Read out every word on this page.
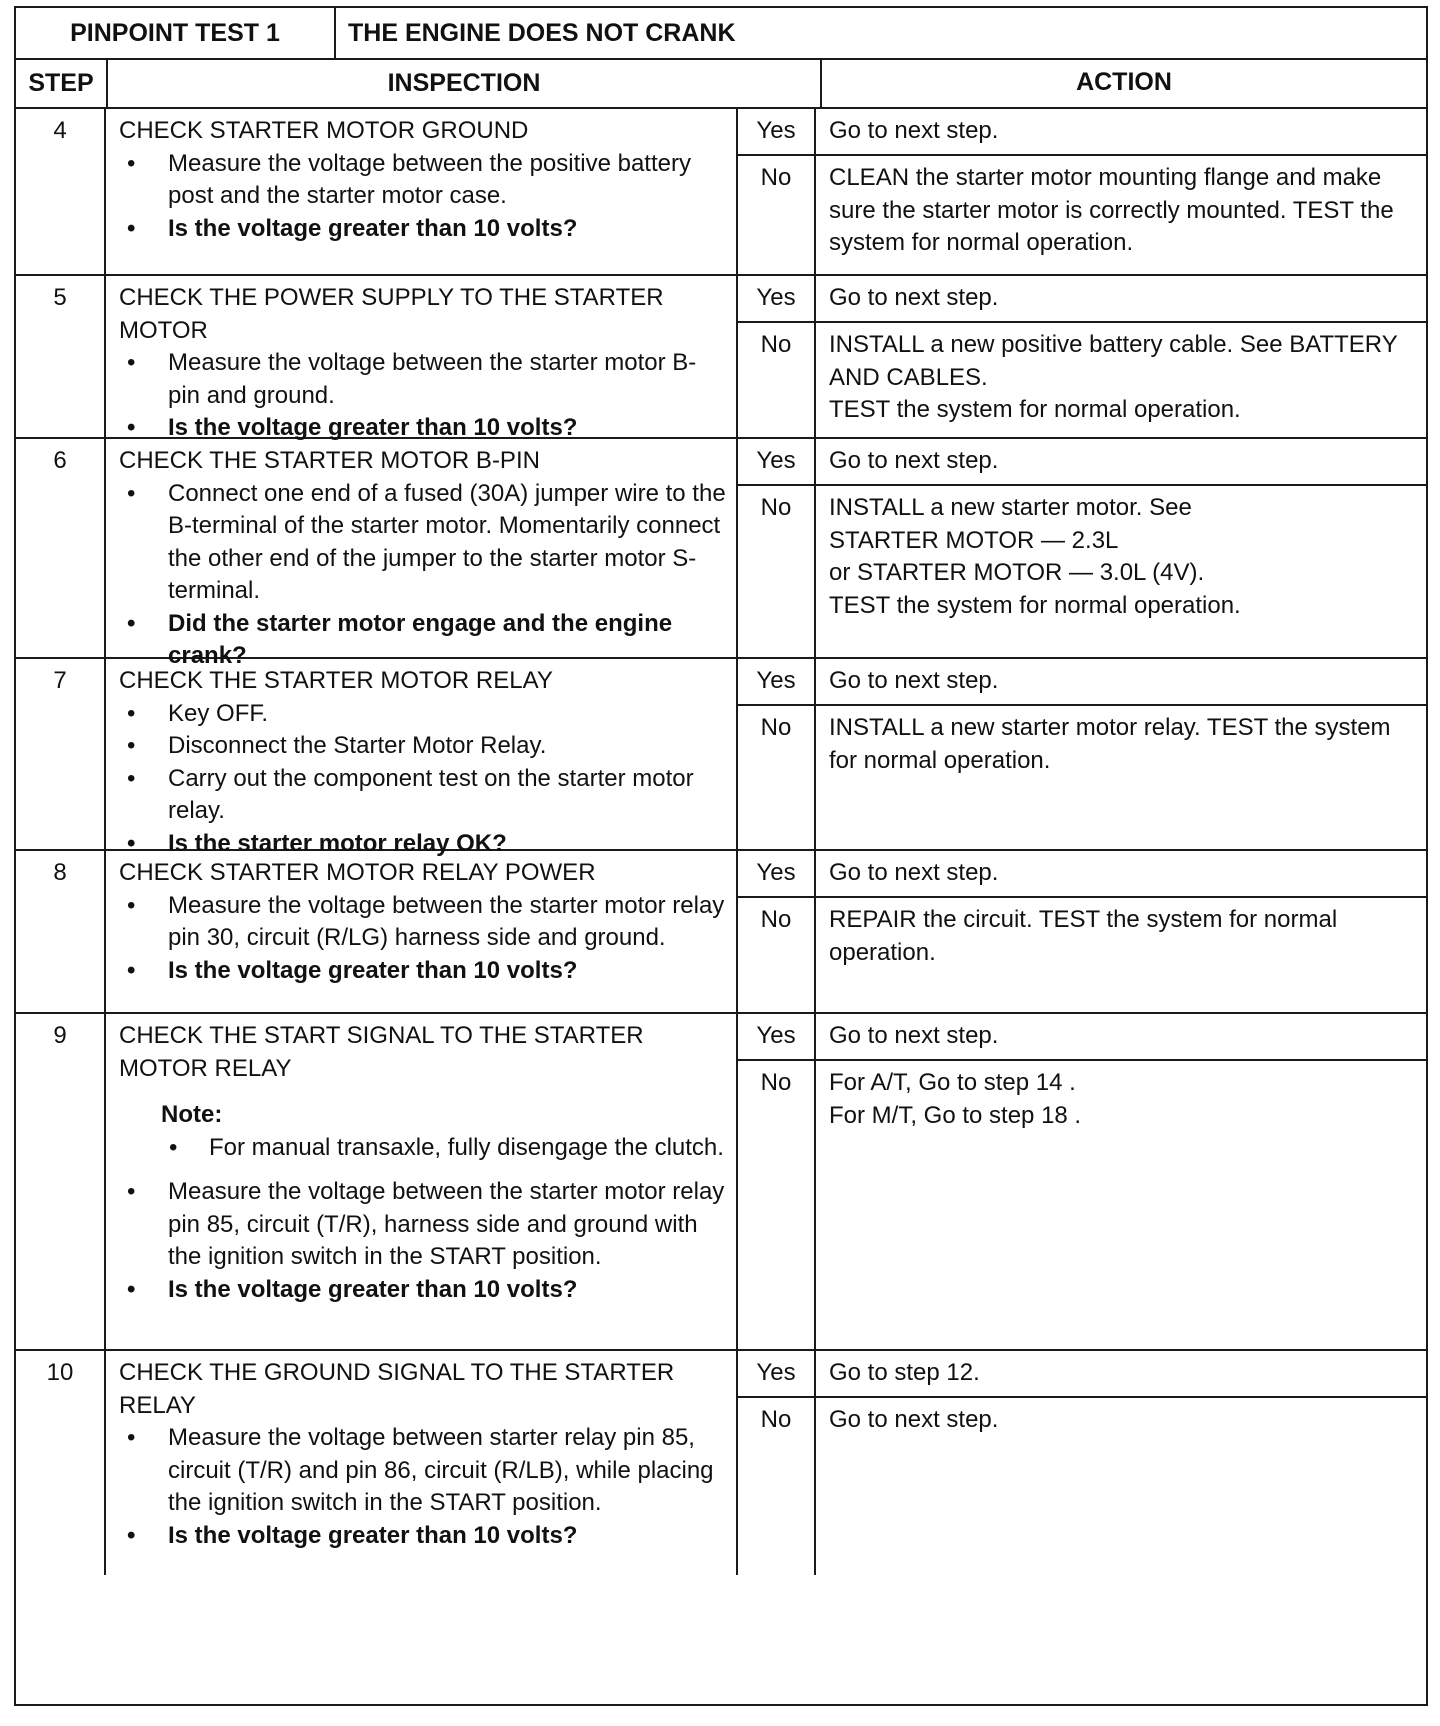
PINPOINT TEST 1	THE ENGINE DOES NOT CRANK
STEP	INSPECTION	ACTION
4	CHECK STARTER MOTOR GROUND
• Measure the voltage between the positive battery post and the starter motor case.
• Is the voltage greater than 10 volts?
Yes	Go to next step.
No	CLEAN the starter motor mounting flange and make sure the starter motor is correctly mounted. TEST the system for normal operation.
5	CHECK THE POWER SUPPLY TO THE STARTER MOTOR
• Measure the voltage between the starter motor B-pin and ground.
• Is the voltage greater than 10 volts?
Yes	Go to next step.
No	INSTALL a new positive battery cable. See BATTERY AND CABLES.
TEST the system for normal operation.
6	CHECK THE STARTER MOTOR B-PIN
• Connect one end of a fused (30A) jumper wire to the B-terminal of the starter motor. Momentarily connect the other end of the jumper to the starter motor S-terminal.
• Did the starter motor engage and the engine crank?
Yes	Go to next step.
No	INSTALL a new starter motor. See
STARTER MOTOR — 2.3L
or STARTER MOTOR — 3.0L (4V).
TEST the system for normal operation.
7	CHECK THE STARTER MOTOR RELAY
• Key OFF.
• Disconnect the Starter Motor Relay.
• Carry out the component test on the starter motor relay.
• Is the starter motor relay OK?
Yes	Go to next step.
No	INSTALL a new starter motor relay. TEST the system for normal operation.
8	CHECK STARTER MOTOR RELAY POWER
• Measure the voltage between the starter motor relay pin 30, circuit (R/LG) harness side and ground.
• Is the voltage greater than 10 volts?
Yes	Go to next step.
No	REPAIR the circuit. TEST the system for normal operation.
9	CHECK THE START SIGNAL TO THE STARTER MOTOR RELAY
Note:
• For manual transaxle, fully disengage the clutch.
• Measure the voltage between the starter motor relay pin 85, circuit (T/R), harness side and ground with the ignition switch in the START position.
• Is the voltage greater than 10 volts?
Yes	Go to next step.
No	For A/T, Go to step 14 .
For M/T, Go to step 18 .
10	CHECK THE GROUND SIGNAL TO THE STARTER RELAY
• Measure the voltage between starter relay pin 85, circuit (T/R) and pin 86, circuit (R/LB), while placing the ignition switch in the START position.
• Is the voltage greater than 10 volts?
Yes	Go to step 12.
No	Go to next step.
